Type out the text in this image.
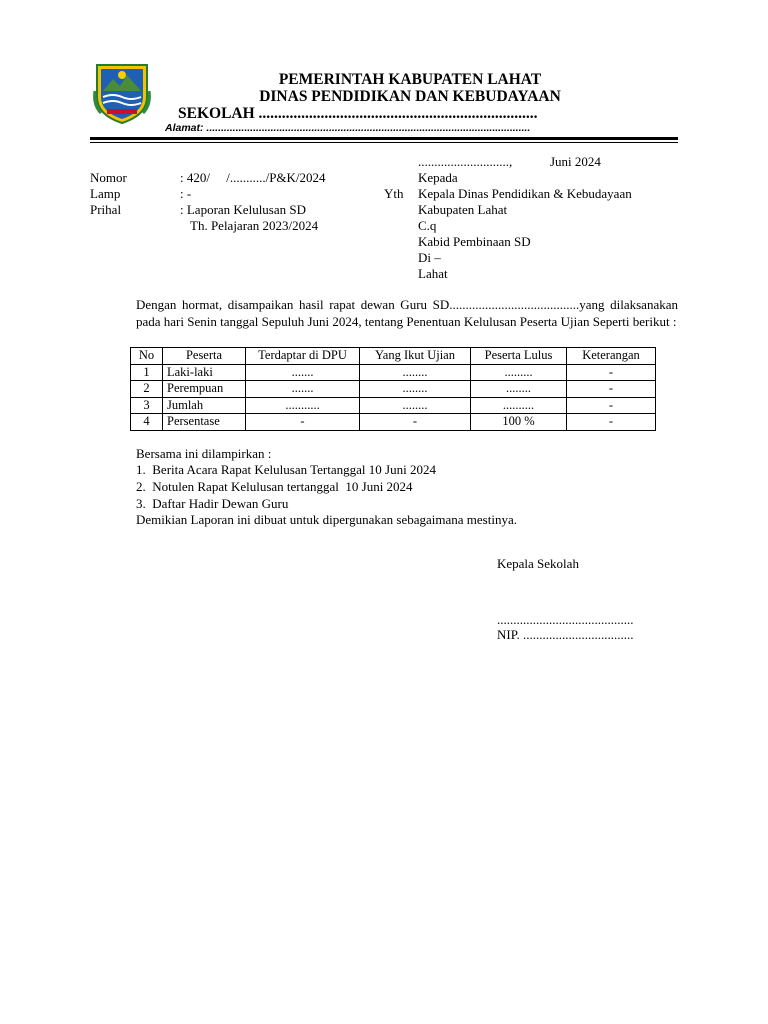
PEMERINTAH KABUPATEN LAHAT
DINAS PENDIDIKAN DAN KEBUDAYAAN
SEKOLAH ........................................................................
Alamat: ...............................................................................................................
............................,	Juni 2024
Nomor	: 420/     /.........../P&K/2024
Lamp	: -
Prihal	: Laporan Kelulusan SD
Th. Pelajaran 2023/2024
Kepada
Yth Kepala Dinas Pendidikan & Kebudayaan
Kabupaten Lahat
C.q
Kabid Pembinaan SD
Di –
Lahat
Dengan hormat, disampaikan hasil rapat dewan Guru SD........................................yang dilaksanakan pada hari Senin tanggal Sepuluh Juni 2024, tentang Penentuan Kelulusan Peserta Ujian Seperti berikut :
No	Peserta	Terdaptar di DPU	Yang Ikut Ujian	Peserta Lulus	Keterangan
1	Laki-laki	.......	........	.........	-
2	Perempuan	.......	........	........	-
3	Jumlah	...........	........	..........	-
4	Persentase	-	-	100 %	-
Bersama ini dilampirkan :
1.  Berita Acara Rapat Kelulusan Tertanggal 10 Juni 2024
2.  Notulen Rapat Kelulusan tertanggal  10 Juni 2024
3.  Daftar Hadir Dewan Guru
Demikian Laporan ini dibuat untuk dipergunakan sebagaimana mestinya.
Kepala Sekolah
..........................................
NIP. ..................................
